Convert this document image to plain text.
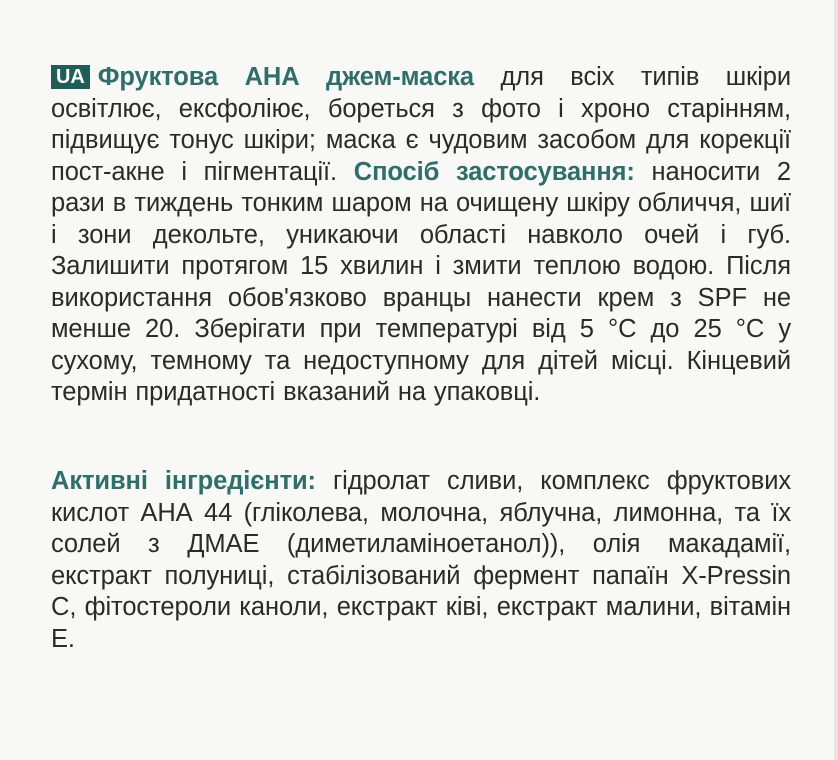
UA Фруктова АНА джем-маска для всіх типів шкіри освітлює, ексфоліює, бореться з фото і хроно старінням, підвищує тонус шкіри; маска є чудовим засобом для корекції пост-акне і пігментації. Спосіб застосування: наносити 2 рази в тиждень тонким шаром на очищену шкіру обличчя, шиї і зони декольте, уникаючи області навколо очей і губ. Залишити протягом 15 хвилин і змити теплою водою. Після використання обов'язково вранцы нанести крем з SPF не менше 20. Зберігати при температурі від 5 °С до 25 °С у сухому, темному та недоступному для дітей місці. Кінцевий термін придатності вказаний на упаковці.

Активні інгредієнти: гідролат сливи, комплекс фруктових кислот АНА 44 (гліколева, молочна, яблучна, лимонна, та їх солей з ДМАЕ (диметиламіноетанол)), олія макадамії, екстракт полуниці, стабілізований фермент папаїн X-Pressin C, фітостероли каноли, екстракт ківі, екстракт малини, вітамін Е.
